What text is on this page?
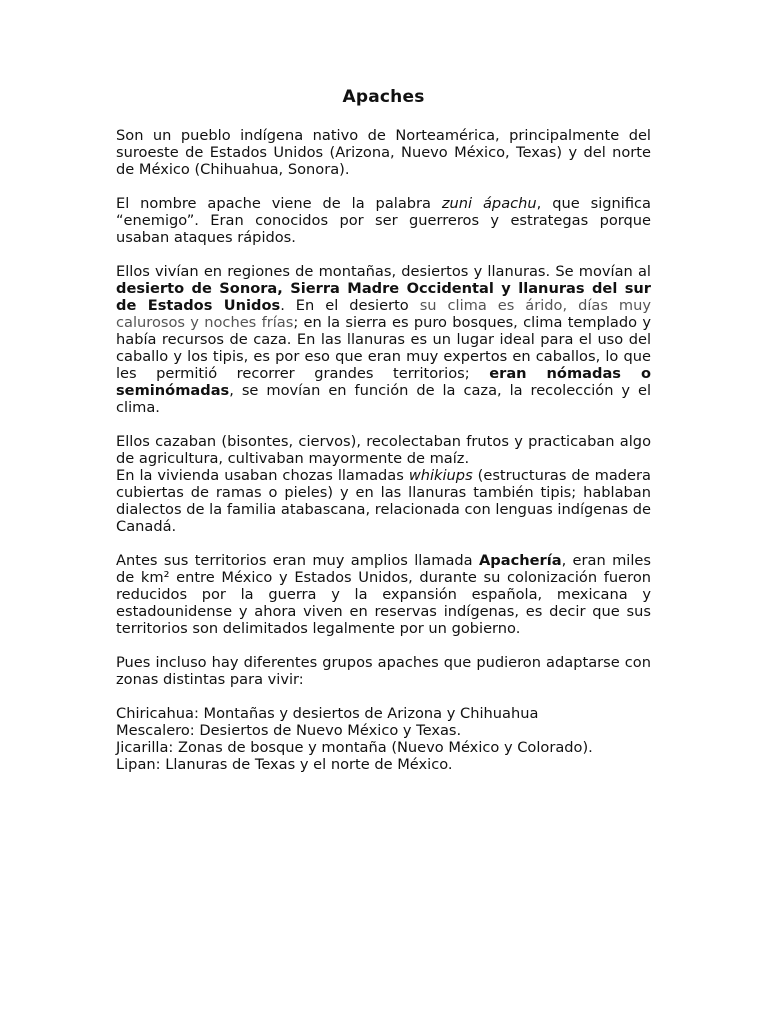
Apaches

Son un pueblo indígena nativo de Norteamérica, principalmente del suroeste de Estados Unidos (Arizona, Nuevo México, Texas) y del norte de México (Chihuahua, Sonora).

El nombre apache viene de la palabra zuni ápachu, que significa “enemigo”. Eran conocidos por ser guerreros y estrategas porque usaban ataques rápidos.

Ellos vivían en regiones de montañas, desiertos y llanuras. Se movían al desierto de Sonora, Sierra Madre Occidental y llanuras del sur de Estados Unidos. En el desierto su clima es árido, días muy calurosos y noches frías; en la sierra es puro bosques, clima templado y había recursos de caza. En las llanuras es un lugar ideal para el uso del caballo y los tipis, es por eso que eran muy expertos en caballos, lo que les permitió recorrer grandes territorios; eran nómadas o seminómadas, se movían en función de la caza, la recolección y el clima.

Ellos cazaban (bisontes, ciervos), recolectaban frutos y practicaban algo de agricultura, cultivaban mayormente de maíz.

En la vivienda usaban chozas llamadas whikiups (estructuras de madera cubiertas de ramas o pieles) y en las llanuras también tipis; hablaban dialectos de la familia atabascana, relacionada con lenguas indígenas de Canadá.

Antes sus territorios eran muy amplios llamada Apachería, eran miles de km² entre México y Estados Unidos, durante su colonización fueron reducidos por la guerra y la expansión española, mexicana y estadounidense y ahora viven en reservas indígenas, es decir que sus territorios son delimitados legalmente por un gobierno.

Pues incluso hay diferentes grupos apaches que pudieron adaptarse con zonas distintas para vivir:

Chiricahua: Montañas y desiertos de Arizona y Chihuahua

Mescalero: Desiertos de Nuevo México y Texas.

Jicarilla: Zonas de bosque y montaña (Nuevo México y Colorado).

Lipan: Llanuras de Texas y el norte de México.
